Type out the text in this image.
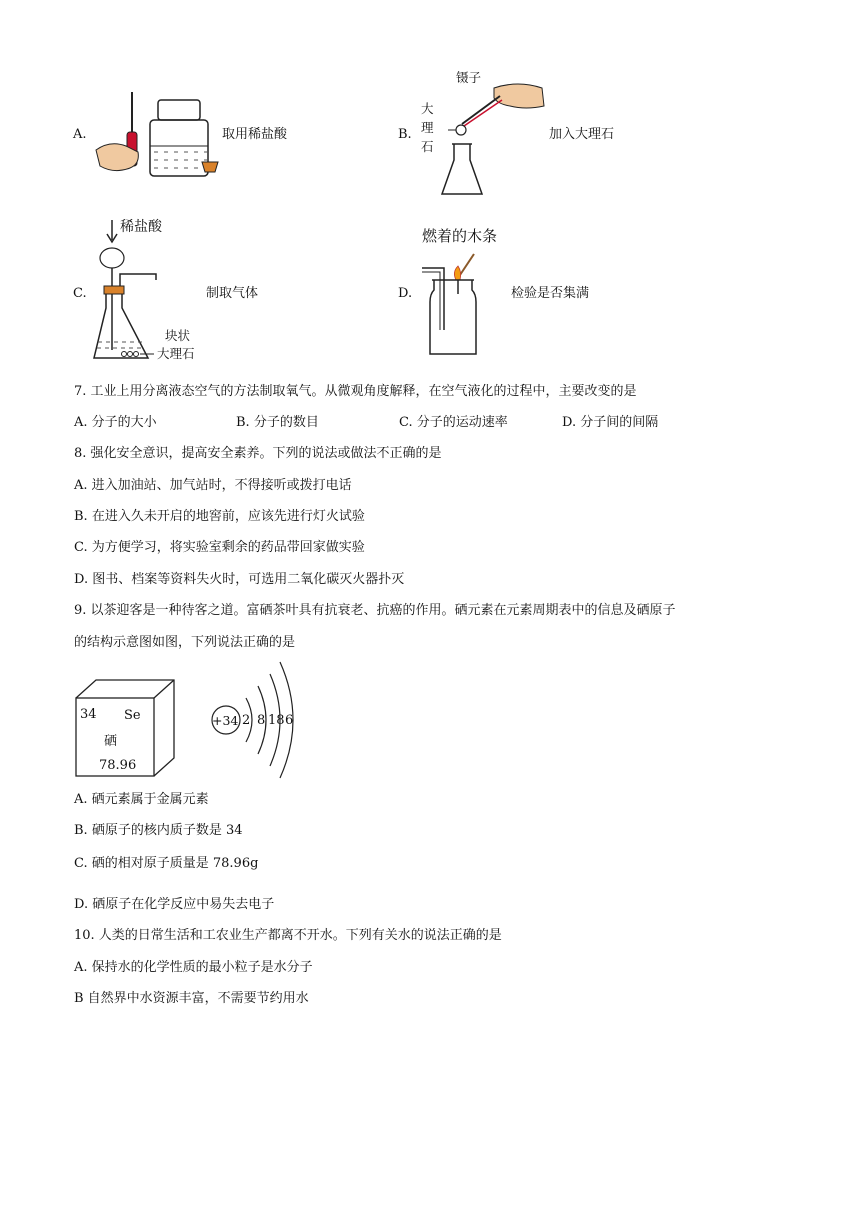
A.	取用稀盐酸	B.
镊子
大
理
石
加入大理石
C.
稀盐酸
块状
大理石
制取气体	D.
燃着的木条
检验是否集满
7. 工业上用分离液态空气的方法制取氧气。从微观角度解释，在空气液化的过程中，主要改变的是
A. 分子的大小	B. 分子的数目	C. 分子的运动速率	D. 分子间的间隔
8. 强化安全意识，提高安全素养。下列的说法或做法不正确的是
A. 进入加油站、加气站时，不得接听或拨打电话
B. 在进入久未开启的地窖前，应该先进行灯火试验
C. 为方便学习，将实验室剩余的药品带回家做实验
D. 图书、档案等资料失火时，可选用二氧化碳灭火器扑灭
9. 以茶迎客是一种待客之道。富硒茶叶具有抗衰老、抗癌的作用。硒元素在元素周期表中的信息及硒原子
的结构示意图如图，下列说法正确的是
34 Se
硒
78.96
+34 2 8 18 6
A. 硒元素属于金属元素
B. 硒原子的核内质子数是 34
C. 硒的相对原子质量是 78.96g
D. 硒原子在化学反应中易失去电子
10. 人类的日常生活和工农业生产都离不开水。下列有关水的说法正确的是
A. 保持水的化学性质的最小粒子是水分子
B 自然界中水资源丰富，不需要节约用水
